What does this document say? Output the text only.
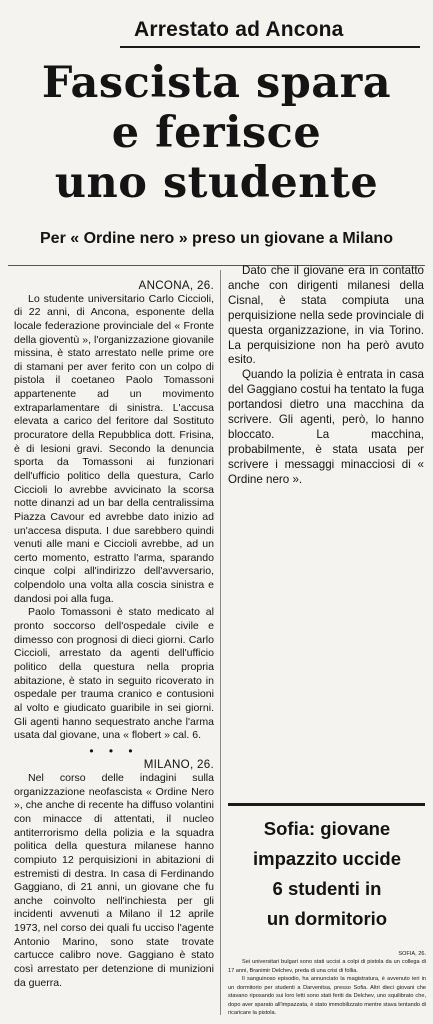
Arrestato ad Ancona
Fascista spara
e ferisce
uno studente
Per « Ordine nero » preso un giovane a Milano

ANCONA, 26.

Lo studente universitario Carlo Ciccioli, di 22 anni, di Ancona, esponente della locale federazione provinciale del « Fronte della gioventù », l'organizzazione giovanile missina, è stato arrestato nelle prime ore di stamani per aver ferito con un colpo di pistola il coetaneo Paolo Tomassoni appartenente ad un movimento extraparlamentare di sinistra. L'accusa elevata a carico del feritore dal Sostituto procuratore della Repubblica dott. Frisina, è di lesioni gravi. Secondo la denuncia sporta da Tomassoni ai funzionari dell'ufficio politico della questura, Carlo Ciccioli lo avrebbe avvicinato la scorsa notte dinanzi ad un bar della centralissima Piazza Cavour ed avrebbe dato inizio ad un'accesa disputa. I due sarebbero quindi venuti alle mani e Ciccioli avrebbe, ad un certo momento, estratto l'arma, sparando cinque colpi all'indirizzo dell'avversario, colpendolo una volta alla coscia sinistra e dandosi poi alla fuga.

Paolo Tomassoni è stato medicato al pronto soccorso dell'ospedale civile e dimesso con prognosi di dieci giorni. Carlo Ciccioli, arrestato da agenti dell'ufficio politico della questura nella propria abitazione, è stato in seguito ricoverato in ospedale per trauma cranico e contusioni al volto e giudicato guaribile in sei giorni. Gli agenti hanno sequestrato anche l'arma usata dal giovane, una « flobert » cal. 6.

• • •

MILANO, 26.

Nel corso delle indagini sulla organizzazione neofascista « Ordine Nero », che anche di recente ha diffuso volantini con minacce di attentati, il nucleo antiterrorismo della polizia e la squadra politica della questura milanese hanno compiuto 12 perquisizioni in abitazioni di estremisti di destra. In casa di Ferdinando Gaggiano, di 21 anni, un giovane che fu anche coinvolto nell'inchiesta per gli incidenti avvenuti a Milano il 12 aprile 1973, nel corso dei quali fu ucciso l'agente Antonio Marino, sono state trovate cartucce calibro nove. Gaggiano è stato così arrestato per detenzione di munizioni da guerra.

Dato che il giovane era in contatto anche con dirigenti milanesi della Cisnal, è stata compiuta una perquisizione nella sede provinciale di questa organizzazione, in via Torino. La perquisizione non ha però avuto esito.

Quando la polizia è entrata in casa del Gaggiano costui ha tentato la fuga portandosi dietro una macchina da scrivere. Gli agenti, però, lo hanno bloccato. La macchina, probabilmente, è stata usata per scrivere i messaggi minacciosi di « Ordine nero ».

Sofia: giovane
impazzito uccide
6 studenti in
un dormitorio

SOFIA, 26.

Sei universitari bulgari sono stati uccisi a colpi di pistola da un collega di 17 anni, Branimir Delchev, preda di una crisi di follia.

Il sanguinoso episodio, ha annunciato la magistratura, è avvenuto ieri in un dormitorio per studenti a Darvenitsa, presso Sofia. Altri dieci giovani che stavano riposando sui loro letti sono stati feriti da Delchev, uno squilibrato che, dopo aver sparato all'impazzata, è stato immobilizzato mentre stava tentando di ricaricare la pistola.
